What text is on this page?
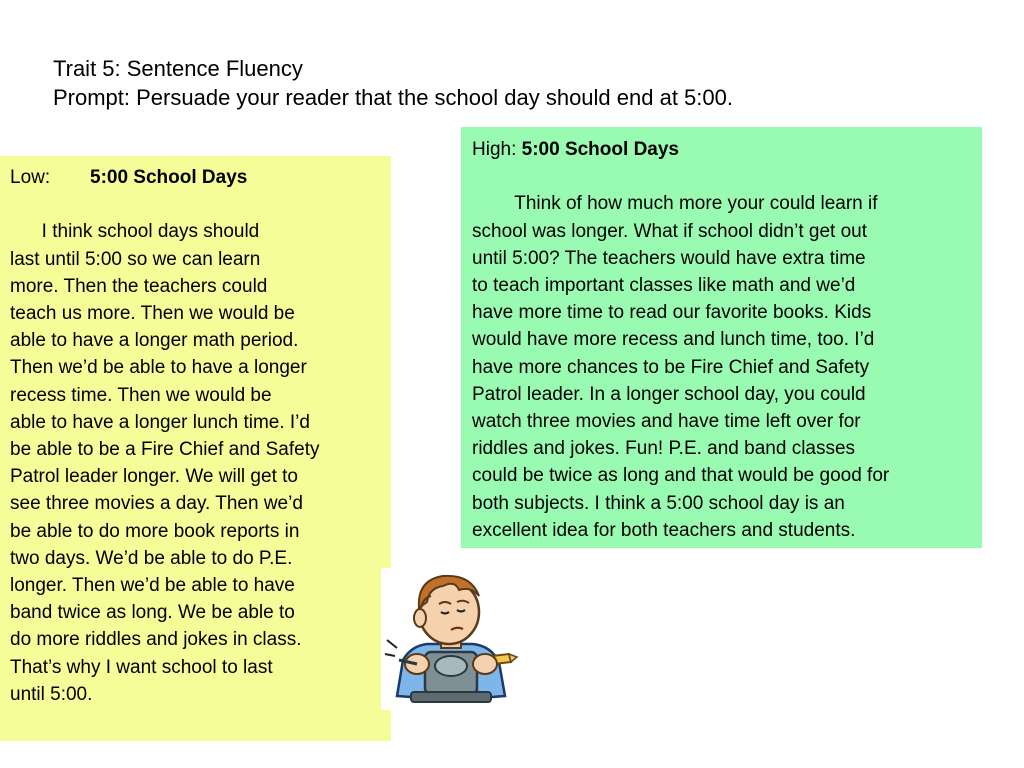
Trait 5: Sentence Fluency
Prompt: Persuade your reader that the school day should end at 5:00.
Low: 5:00 School Days
I think school days should
last until 5:00 so we can learn
more. Then the teachers could
teach us more. Then we would be
able to have a longer math period.
Then we’d be able to have a longer
recess time. Then we would be
able to have a longer lunch time. I’d
be able to be a Fire Chief and Safety
Patrol leader longer. We will get to
see three movies a day. Then we’d
be able to do more book reports in
two days. We’d be able to do P.E.
longer. Then we’d be able to have
band twice as long. We be able to
do more riddles and jokes in class.
That’s why I want school to last
until 5:00.
High: 5:00 School Days
Think of how much more your could learn if
school was longer. What if school didn’t get out
until 5:00? The teachers would have extra time
to teach important classes like math and we’d
have more time to read our favorite books. Kids
would have more recess and lunch time, too. I’d
have more chances to be Fire Chief and Safety
Patrol leader. In a longer school day, you could
watch three movies and have time left over for
riddles and jokes. Fun! P.E. and band classes
could be twice as long and that would be good for
both subjects. I think a 5:00 school day is an
excellent idea for both teachers and students.
